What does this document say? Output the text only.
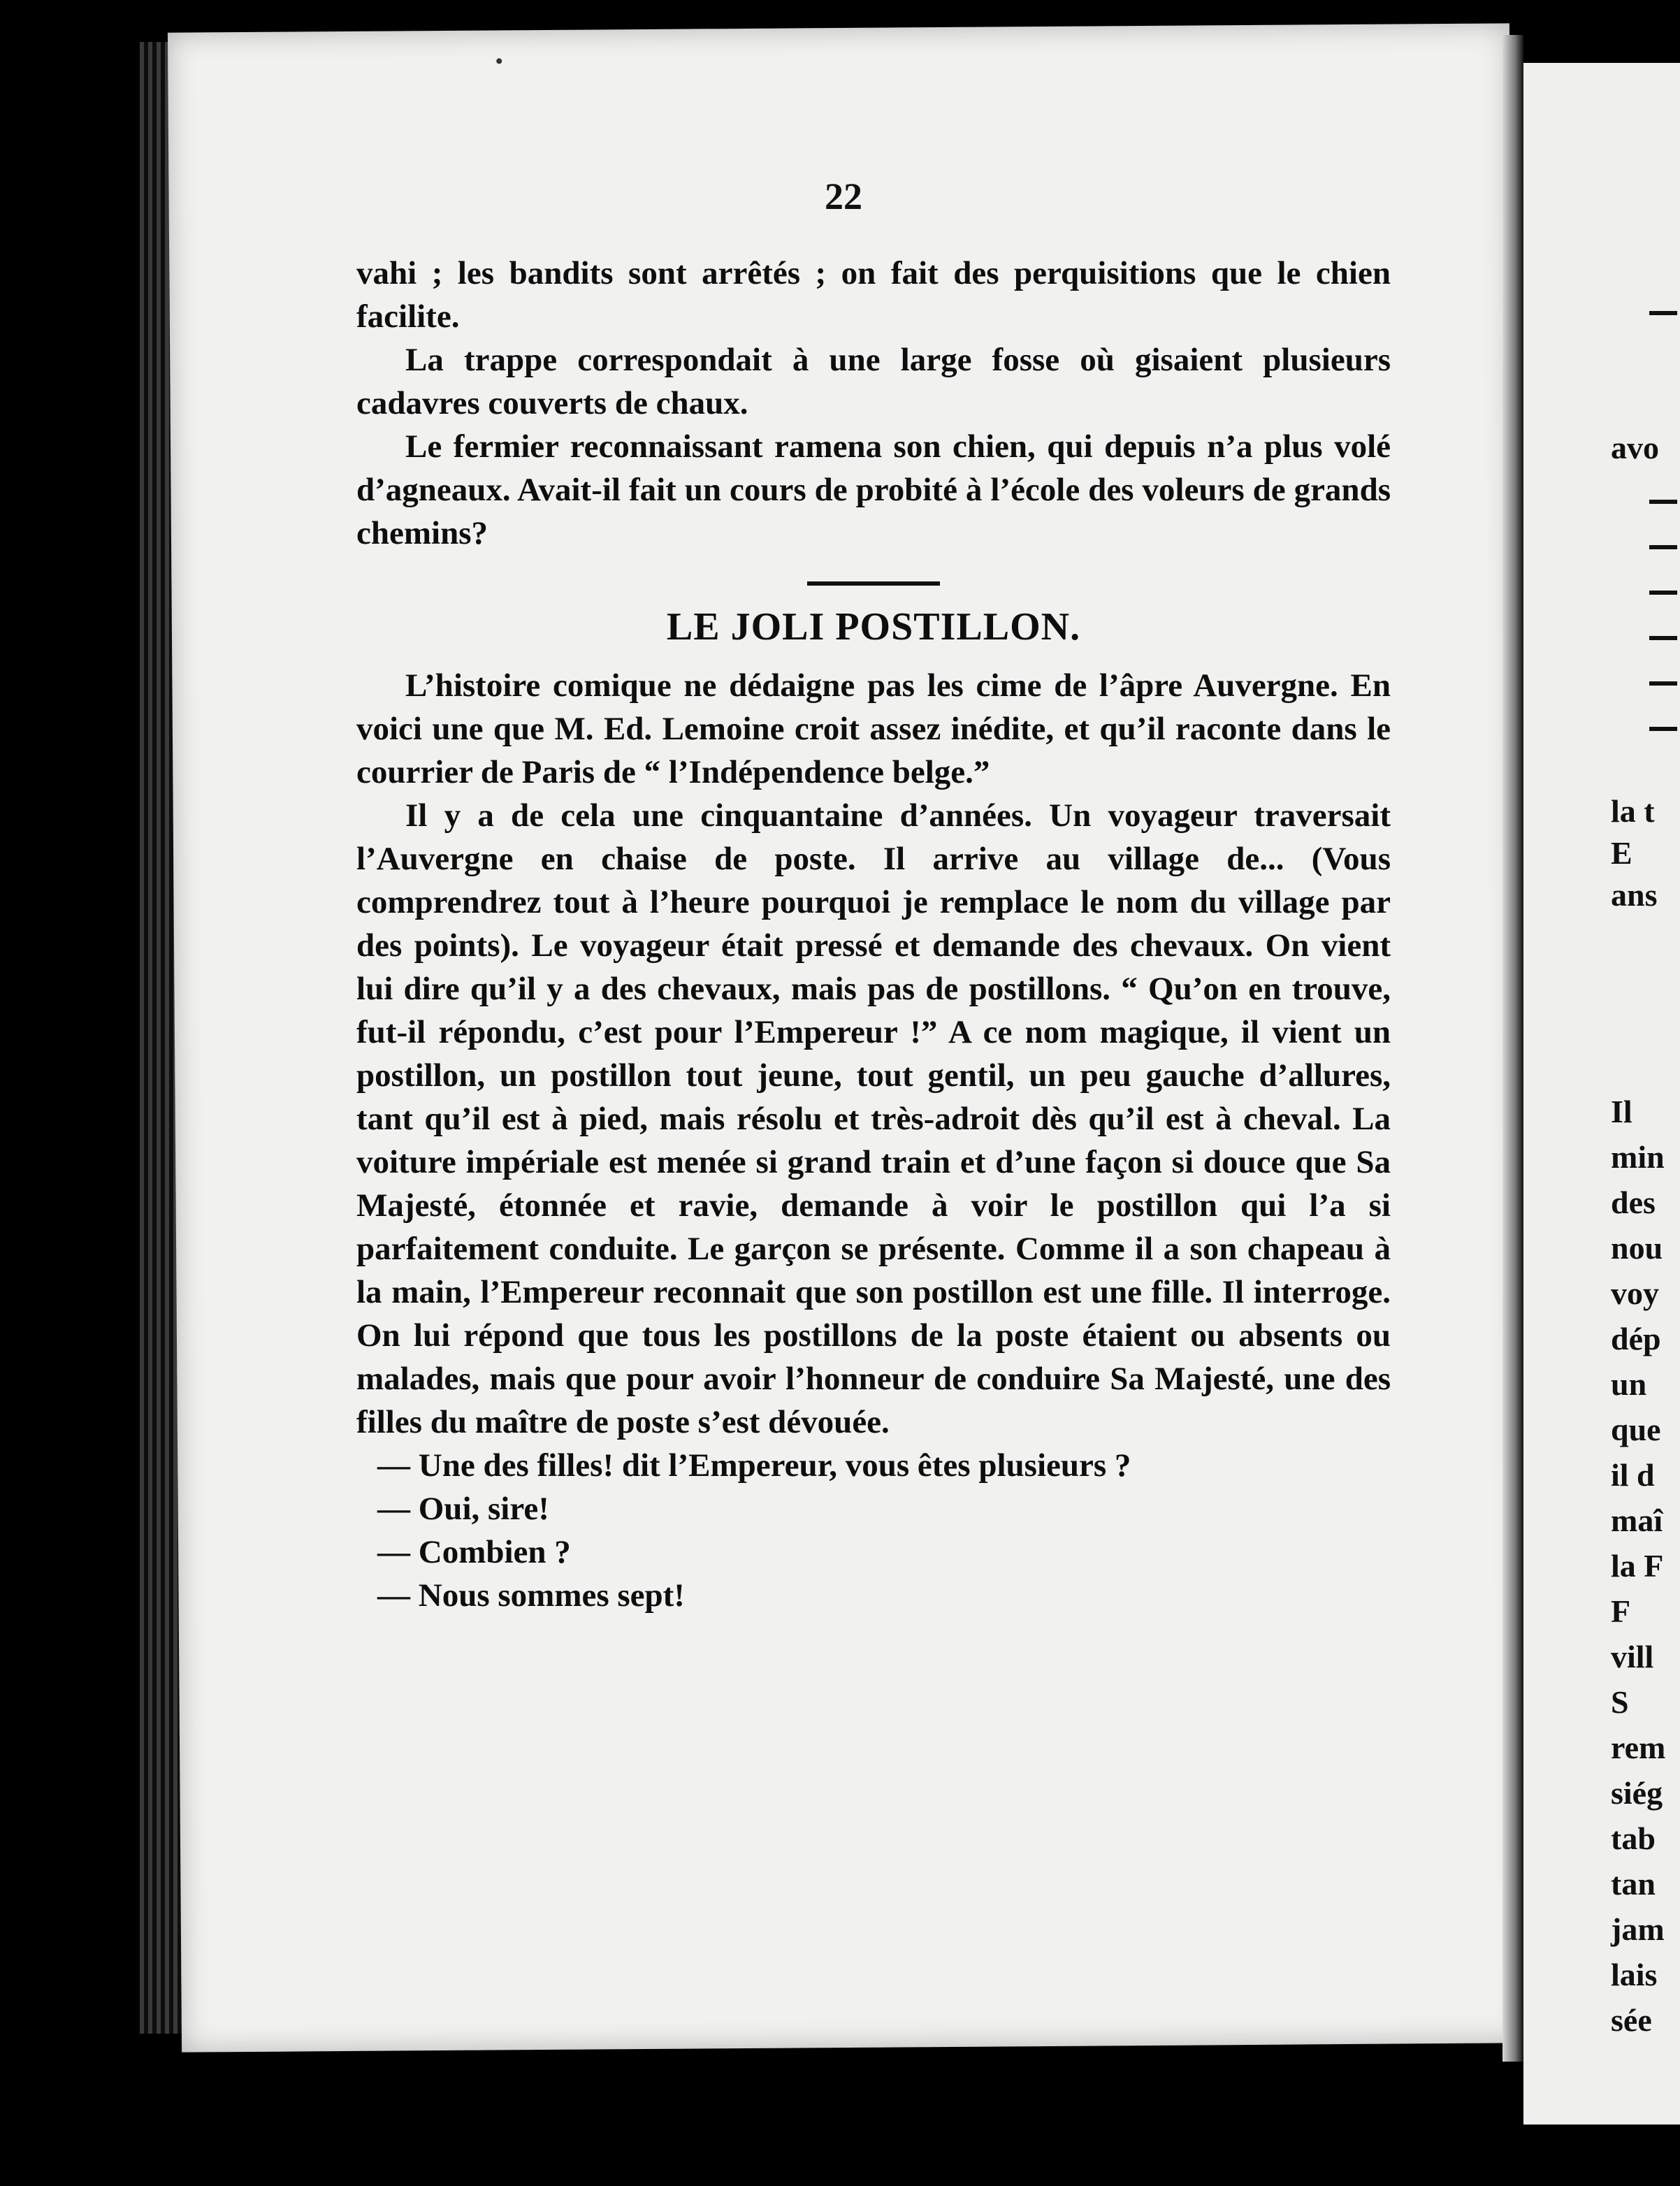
avo
la t
E
ans
Il
min
des
nou
voy
dép
un
que
il d
maî
la F
F
vill
S
rem
siég
tab
tan
jam
lais
sée
22

vahi ; les bandits sont arrêtés ; on fait des perquisitions que le chien facilite.

La trappe correspondait à une large fosse où gisaient plusieurs cadavres couverts de chaux.

Le fermier reconnaissant ramena son chien, qui depuis n’a plus volé d’agneaux. Avait-il fait un cours de probité à l’école des voleurs de grands chemins?

LE JOLI POSTILLON.

L’histoire comique ne dédaigne pas les cime de l’âpre Auvergne. En voici une que M. Ed. Lemoine croit assez inédite, et qu’il raconte dans le courrier de Paris de “ l’Indépendence belge.”

Il y a de cela une cinquantaine d’années. Un voyageur traversait l’Auvergne en chaise de poste. Il arrive au village de... (Vous comprendrez tout à l’heure pourquoi je remplace le nom du village par des points). Le voyageur était pressé et demande des chevaux. On vient lui dire qu’il y a des chevaux, mais pas de postillons. “ Qu’on en trouve, fut-il répondu, c’est pour l’Empereur !” A ce nom magique, il vient un postillon, un postillon tout jeune, tout gentil, un peu gauche d’allures, tant qu’il est à pied, mais résolu et très-adroit dès qu’il est à cheval. La voiture impériale est menée si grand train et d’une façon si douce que Sa Majesté, étonnée et ravie, demande à voir le postillon qui l’a si parfaitement conduite. Le garçon se présente. Comme il a son chapeau à la main, l’Empereur reconnait que son postillon est une fille. Il interroge. On lui répond que tous les postillons de la poste étaient ou absents ou malades, mais que pour avoir l’honneur de conduire Sa Majesté, une des filles du maître de poste s’est dévouée.

— Une des filles! dit l’Empereur, vous êtes plusieurs ?

— Oui, sire!

— Combien ?

— Nous sommes sept!
